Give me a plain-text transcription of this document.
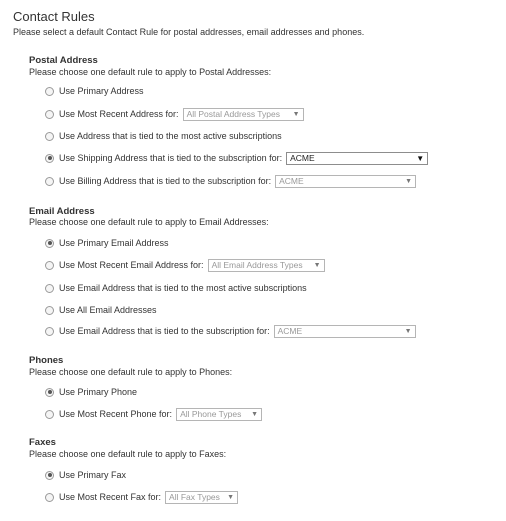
Contact Rules
Please select a default Contact Rule for postal addresses, email addresses and phones.
Postal Address
Please choose one default rule to apply to Postal Addresses:
Use Primary Address
Use Most Recent Address for: All Postal Address Types ▼
Use Address that is tied to the most active subscriptions
Use Shipping Address that is tied to the subscription for: ACME	▼
Use Billing Address that is tied to the subscription for: ACME	▼
Email Address
Please choose one default rule to apply to Email Addresses:
Use Primary Email Address
Use Most Recent Email Address for: All Email Address Types ▼
Use Email Address that is tied to the most active subscriptions
Use All Email Addresses
Use Email Address that is tied to the subscription for: ACME	▼
Phones
Please choose one default rule to apply to Phones:
Use Primary Phone
Use Most Recent Phone for: All Phone Types ▼
Faxes
Please choose one default rule to apply to Faxes:
Use Primary Fax
Use Most Recent Fax for: All Fax Types ▼
